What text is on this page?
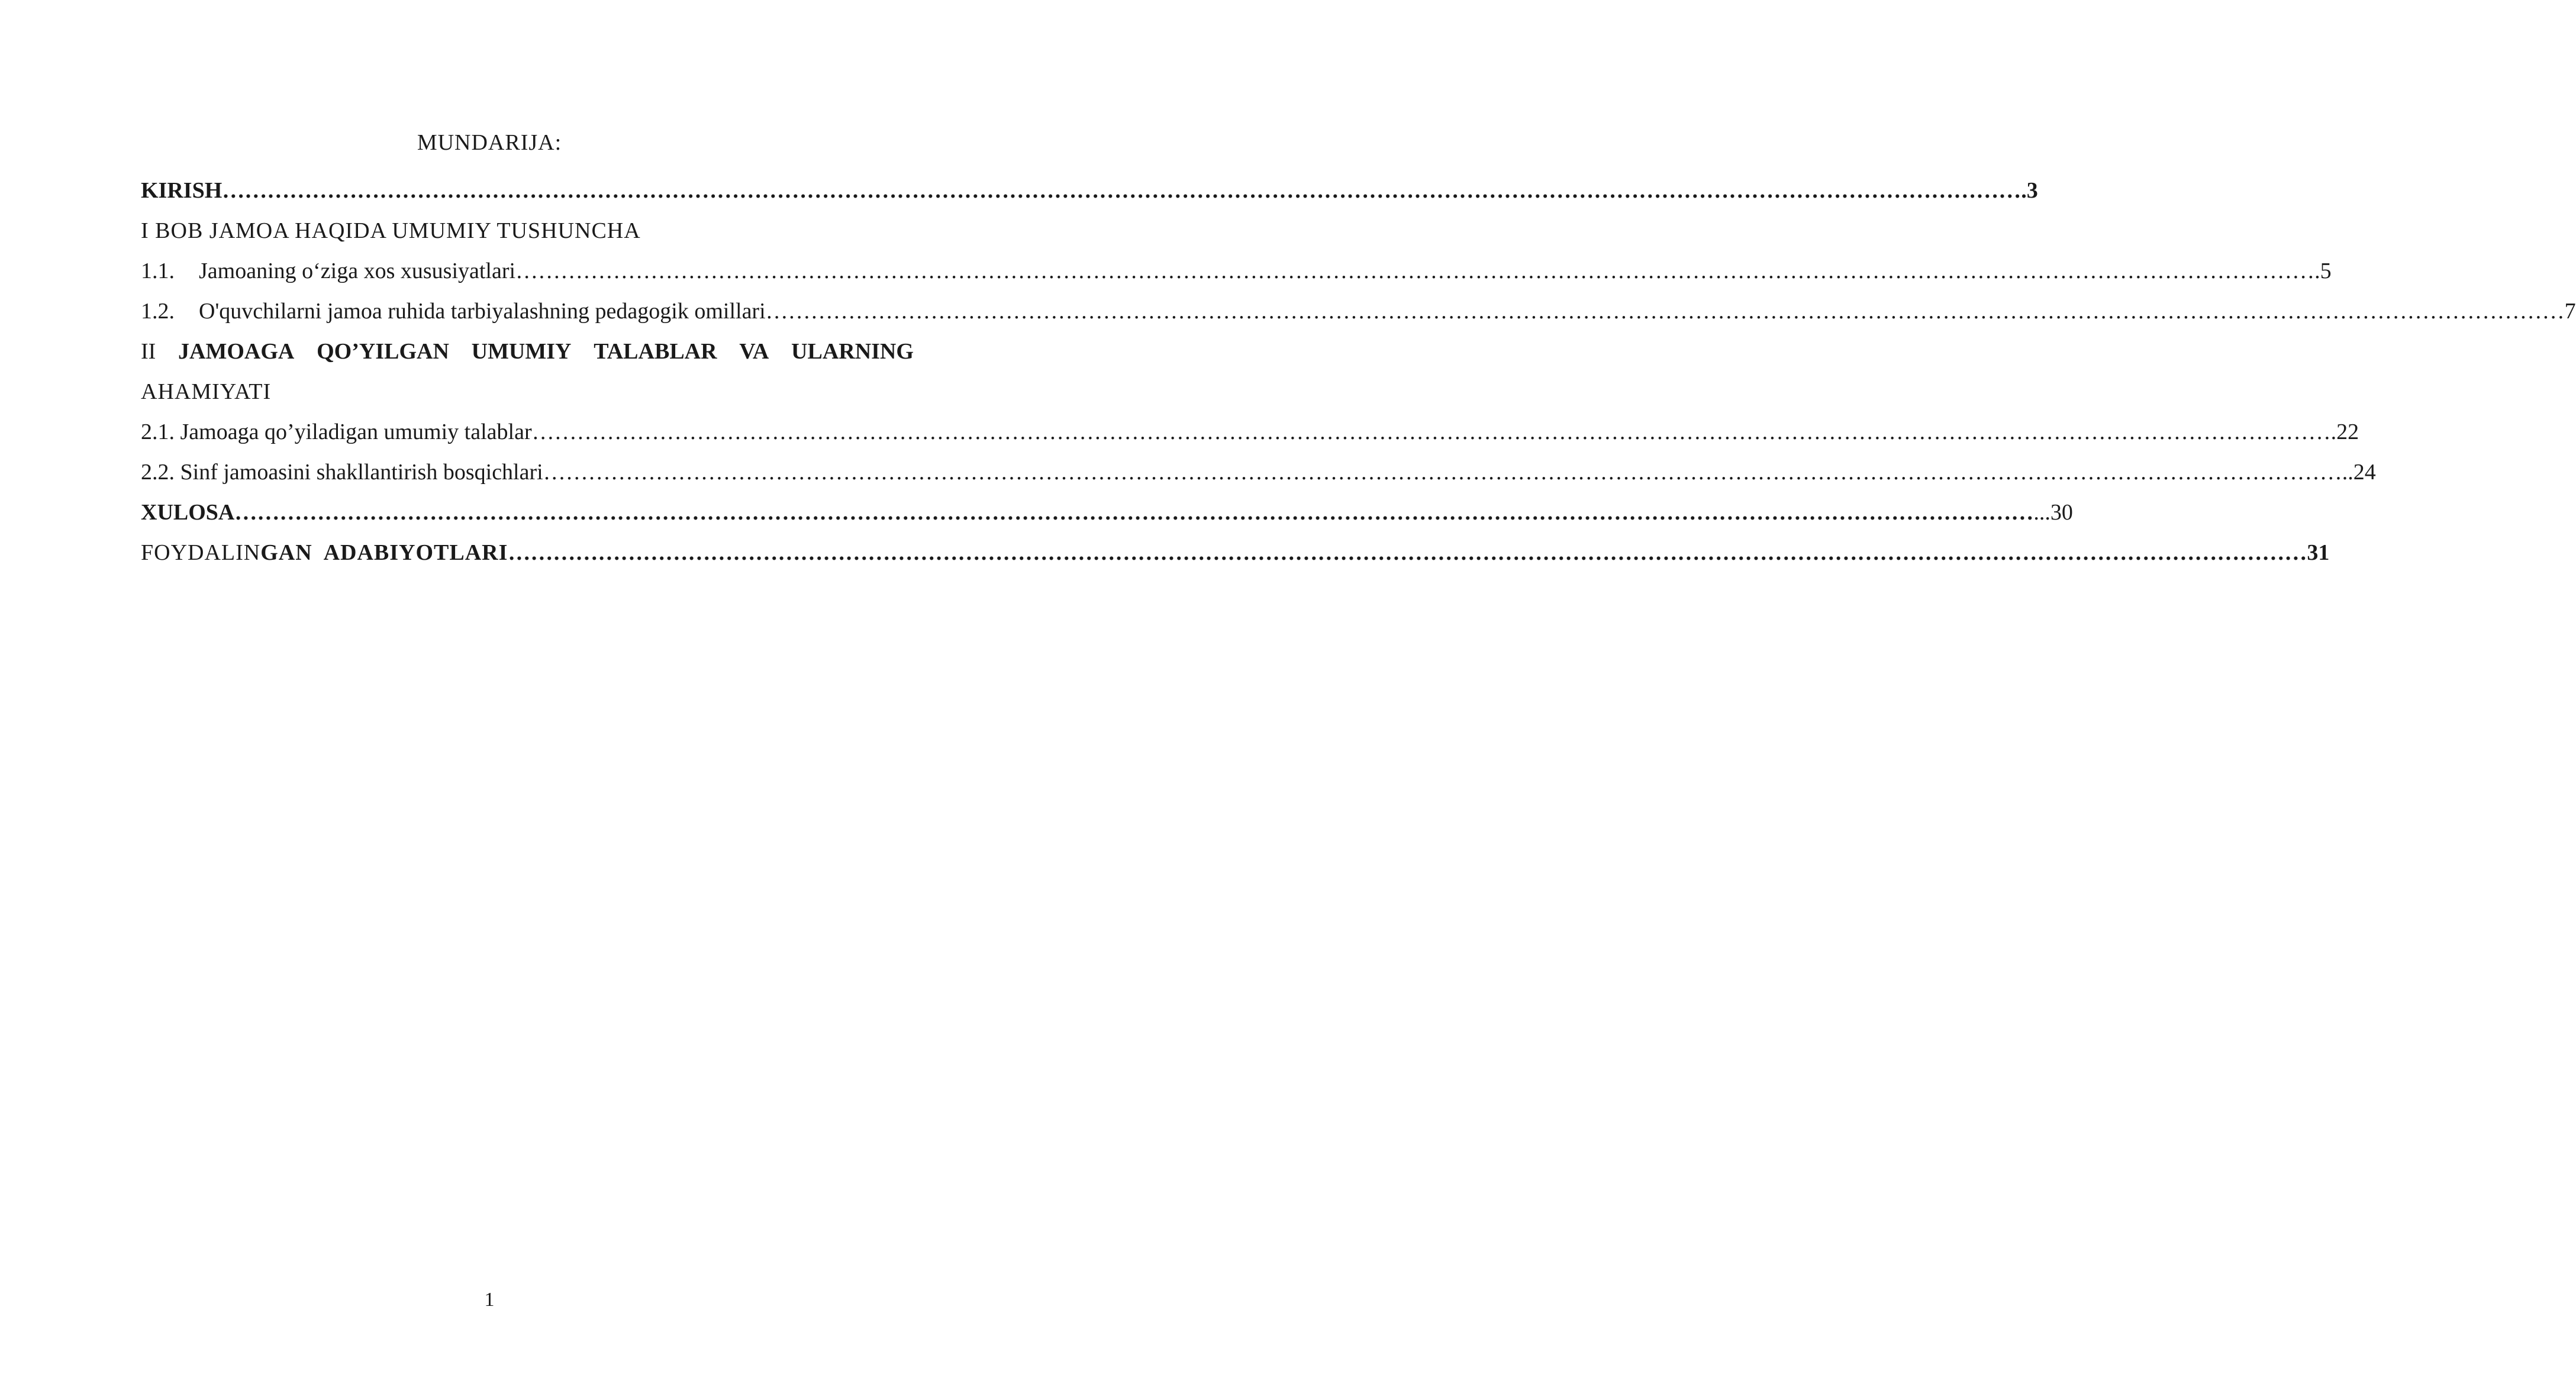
MUNDARIJA:
KIRISH …………………………………………………………………………………………………………………………………………………………………………………………………………………… .3
I BOB JAMOA HAQIDA UMUMIY TUSHUNCHA
1.1. Jamoaning o‘ziga xos xususiyatlari …………………………………………………………………………………………………………………………………………………………………………………………………………………… .5
1.2. O'quvchilarni jamoa ruhida tarbiyalashning pedagogik omillari …………………………………………………………………………………………………………………………………………………………………………………………………………………… 7
II JAMOAGA QO’YILGAN UMUMIY TALABLAR VA ULARNING
AHAMIYATI
2.1. Jamoaga qo’yiladigan umumiy talablar …………………………………………………………………………………………………………………………………………………………………………………………………………………… .22
2.2. Sinf jamoasini shakllantirish bosqichlari …………………………………………………………………………………………………………………………………………………………………………………………………………………… ..24
XULOSA …………………………………………………………………………………………………………………………………………………………………………………………………………………… ...30
FOYDALINGAN  ADABIYOTLARI …………………………………………………………………………………………………………………………………………………………………………………………………………………… 31
1
